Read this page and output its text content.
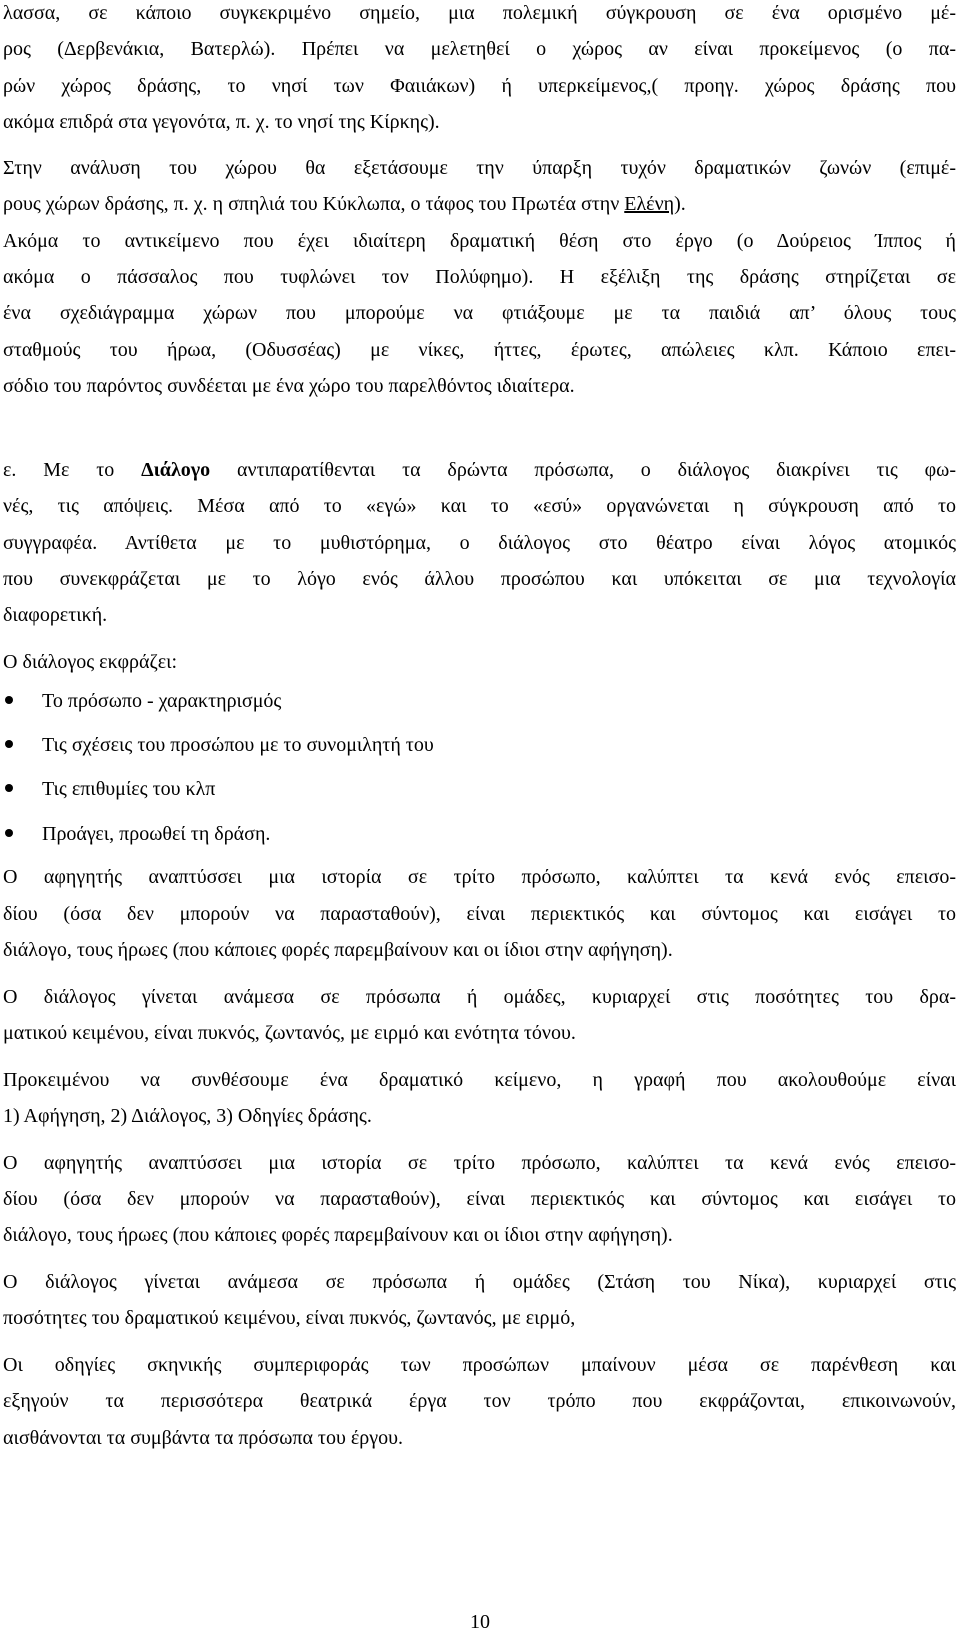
λασσα, σε κάποιο συγκεκριμένο σημείο, μια πολεμική σύγκρουση σε ένα ορισμένο μέ-
ρος (Δερβενάκια, Βατερλώ). Πρέπει να μελετηθεί ο χώρος αν είναι προκείμενος (ο πα-
ρών χώρος δράσης, το νησί των Φαιιάκων) ή υπερκείμενος,( προηγ. χώρος δράσης που
ακόμα επιδρά στα γεγονότα, π. χ. το νησί της Κίρκης).
Στην ανάλυση του χώρου θα εξετάσουμε την ύπαρξη τυχόν δραματικών ζωνών (επιμέ-
ρους χώρων δράσης, π. χ. η σπηλιά του Κύκλωπα, ο τάφος του Πρωτέα στην Ελένη).
Ακόμα το αντικείμενο που έχει ιδιαίτερη δραματική θέση στο έργο (ο Δούρειος Ίππος ή
ακόμα ο πάσσαλος που τυφλώνει τον Πολύφημο). Η εξέλιξη της δράσης στηρίζεται σε
ένα σχεδιάγραμμα χώρων που μπορούμε να φτιάξουμε με τα παιδιά απ’ όλους τους
σταθμούς του ήρωα, (Οδυσσέας) με νίκες, ήττες, έρωτες, απώλειες κλπ. Κάποιο επει-
σόδιο του παρόντος συνδέεται με ένα χώρο του παρελθόντος ιδιαίτερα.
ε. Με το Διάλογο αντιπαρατίθενται τα δρώντα πρόσωπα, ο διάλογος διακρίνει τις φω-
νές, τις απόψεις. Μέσα από το «εγώ» και το «εσύ» οργανώνεται η σύγκρουση από το
συγγραφέα. Αντίθετα με το μυθιστόρημα, ο διάλογος στο θέατρο είναι λόγος ατομικός
που συνεκφράζεται με το λόγο ενός άλλου προσώπου και υπόκειται σε μια τεχνολογία
διαφορετική.
Ο διάλογος εκφράζει:
Το πρόσωπο - χαρακτηρισμός
Τις σχέσεις του προσώπου με το συνομιλητή του
Τις επιθυμίες του κλπ
Προάγει, προωθεί τη δράση.
Ο αφηγητής αναπτύσσει μια ιστορία σε τρίτο πρόσωπο, καλύπτει τα κενά ενός επεισο-
δίου (όσα δεν μπορούν να παρασταθούν), είναι περιεκτικός και σύντομος και εισάγει το
διάλογο, τους ήρωες (που κάποιες φορές παρεμβαίνουν και οι ίδιοι στην αφήγηση).
Ο διάλογος γίνεται ανάμεσα σε πρόσωπα ή ομάδες, κυριαρχεί στις ποσότητες του δρα-
ματικού κειμένου, είναι πυκνός, ζωντανός, με ειρμό και ενότητα τόνου.
Προκειμένου να συνθέσουμε ένα δραματικό κείμενο, η γραφή που ακολουθούμε είναι
1) Αφήγηση, 2) Διάλογος, 3) Οδηγίες δράσης.
Ο αφηγητής αναπτύσσει μια ιστορία σε τρίτο πρόσωπο, καλύπτει τα κενά ενός επεισο-
δίου (όσα δεν μπορούν να παρασταθούν), είναι περιεκτικός και σύντομος και εισάγει το
διάλογο, τους ήρωες (που κάποιες φορές παρεμβαίνουν και οι ίδιοι στην αφήγηση).
Ο διάλογος γίνεται ανάμεσα σε πρόσωπα ή ομάδες (Στάση του Νίκα), κυριαρχεί στις
ποσότητες του δραματικού κειμένου, είναι πυκνός, ζωντανός, με ειρμό,
Οι οδηγίες σκηνικής συμπεριφοράς των προσώπων μπαίνουν μέσα σε παρένθεση και
εξηγούν τα περισσότερα θεατρικά έργα τον τρόπο που εκφράζονται, επικοινωνούν,
αισθάνονται τα συμβάντα τα πρόσωπα του έργου.
10
